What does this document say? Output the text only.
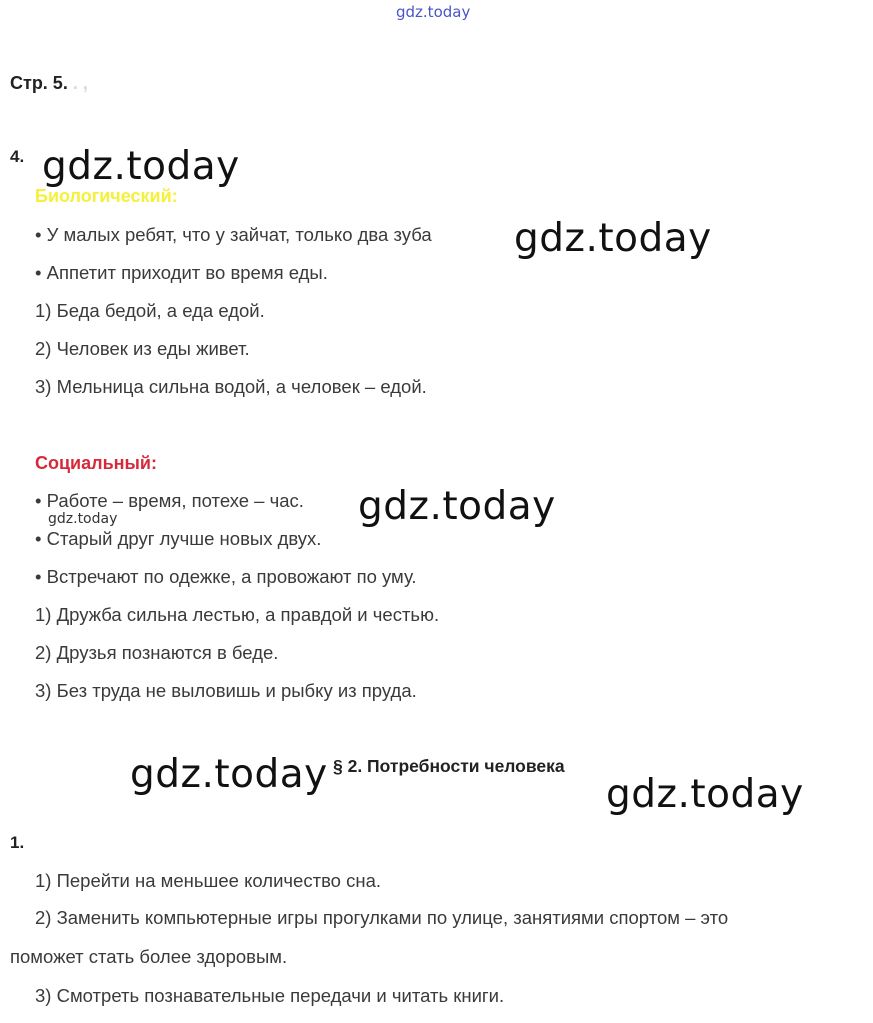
gdz.today
Стр. 5. . ,
4. gdz.today
Биологический:
• У малых ребят, что у зайчат, только два зуба gdz.today
• Аппетит приходит во время еды.
1) Беда бедой, а еда едой.
2) Человек из еды живет.
3) Мельница сильна водой, а человек – едой.
Социальный:
• Работе – время, потехе – час. gdz.today
gdz.today
• Старый друг лучше новых двух.
• Встречают по одежке, а провожают по уму.
1) Дружба сильна лестью, а правдой и честью.
2) Друзья познаются в беде.
3) Без труда не выловишь и рыбку из пруда.
gdz.today § 2. Потребности человека
gdz.today
1.
1) Перейти на меньшее количество сна.
2) Заменить компьютерные игры прогулками по улице, занятиями спортом – это
поможет стать более здоровым.
3) Смотреть познавательные передачи и читать книги.
